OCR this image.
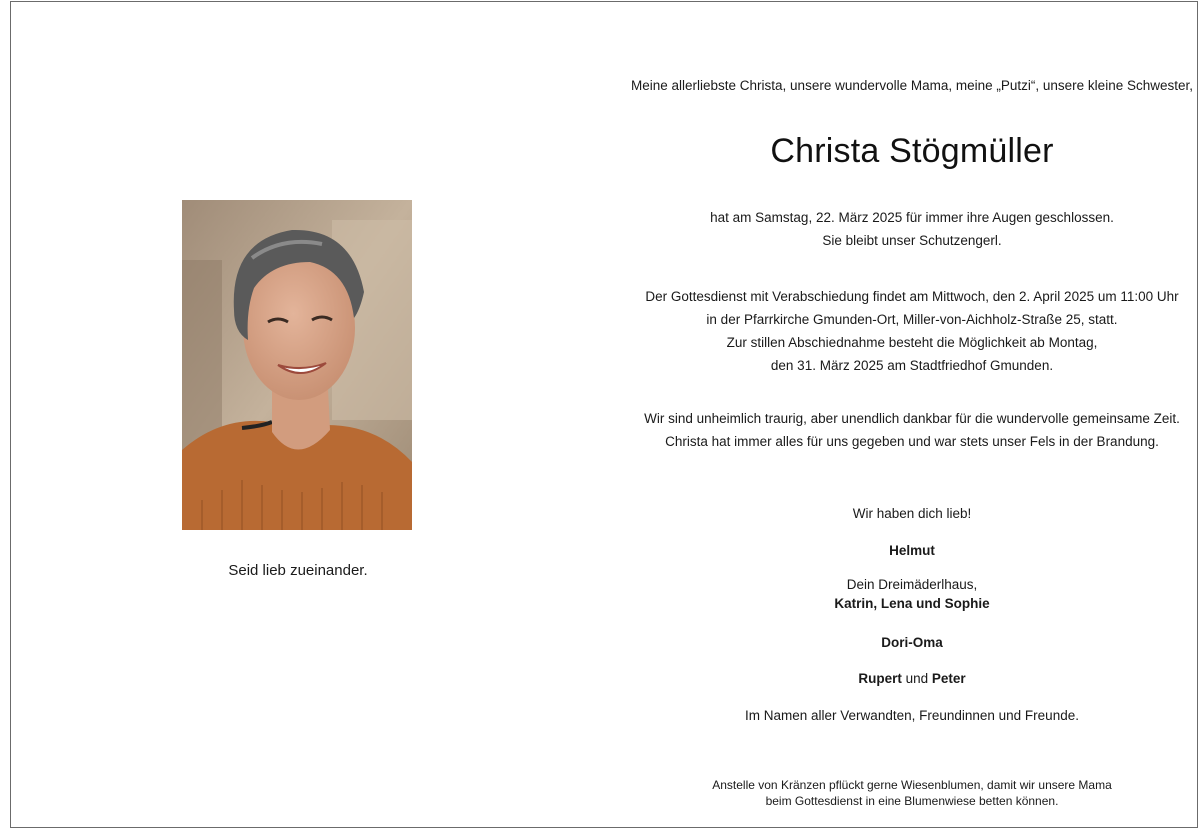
Seid lieb zueinander.

Meine allerliebste Christa, unsere wundervolle Mama, meine „Putzi“, unsere kleine Schwester,

Christa Stögmüller

hat am Samstag, 22. März 2025 für immer ihre Augen geschlossen.

Sie bleibt unser Schutzengerl.

Der Gottesdienst mit Verabschiedung findet am Mittwoch, den 2. April 2025 um 11:00 Uhr

in der Pfarrkirche Gmunden-Ort, Miller-von-Aichholz-Straße 25, statt.

Zur stillen Abschiednahme besteht die Möglichkeit ab Montag,

den 31. März 2025 am Stadtfriedhof Gmunden.

Wir sind unheimlich traurig, aber unendlich dankbar für die wundervolle gemeinsame Zeit.

Christa hat immer alles für uns gegeben und war stets unser Fels in der Brandung.

Wir haben dich lieb!

Helmut

Dein Dreimäderlhaus,

Katrin, Lena und Sophie

Dori-Oma

Rupert und Peter

Im Namen aller Verwandten, Freundinnen und Freunde.

Anstelle von Kränzen pflückt gerne Wiesenblumen, damit wir unsere Mama

beim Gottesdienst in eine Blumenwiese betten können.
